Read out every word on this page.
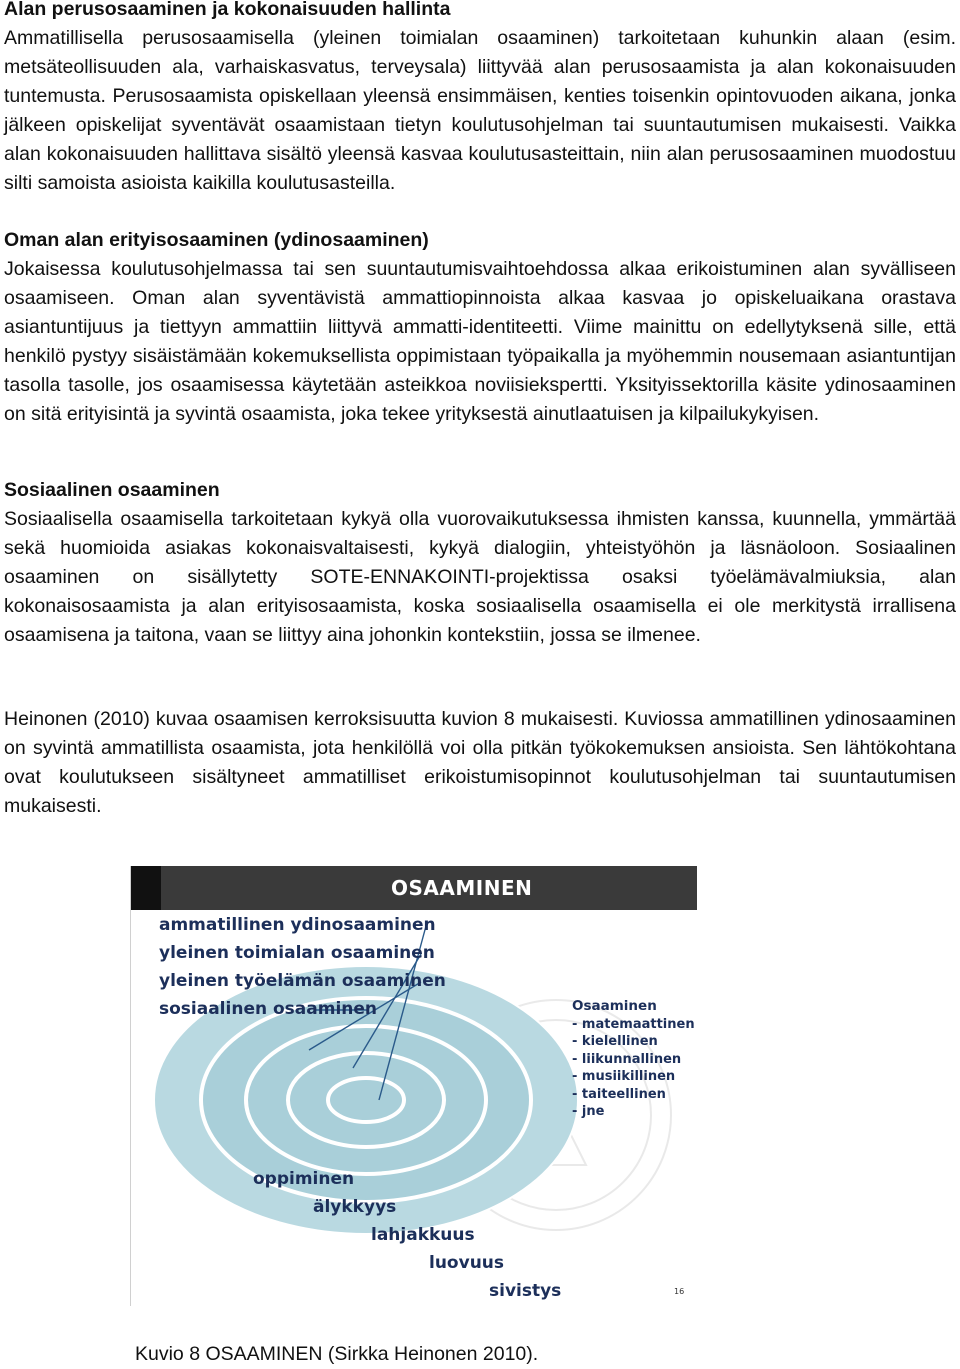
Alan perusosaaminen ja kokonaisuuden hallinta

Ammatillisella perusosaamisella (yleinen toimialan osaaminen) tarkoitetaan kuhunkin alaan (esim. metsäteollisuuden ala, varhaiskasvatus, terveysala) liittyvää alan perusosaamista ja alan kokonaisuuden tuntemusta. Perusosaamista opiskellaan yleensä ensimmäisen, kenties toisenkin opintovuoden aikana, jonka jälkeen opiskelijat syventävät osaamistaan tietyn koulutusohjelman tai suuntautumisen mukaisesti. Vaikka alan kokonaisuuden hallittava sisältö yleensä kasvaa koulutusasteittain, niin alan perusosaaminen muodostuu silti samoista asioista kaikilla koulutusasteilla.

Oman alan erityisosaaminen (ydinosaaminen)

Jokaisessa koulutusohjelmassa tai sen suuntautumisvaihtoehdossa alkaa erikoistuminen alan syvälliseen osaamiseen. Oman alan syventävistä ammattiopinnoista alkaa kasvaa jo opiskeluaikana orastava asiantuntijuus ja tiettyyn ammattiin liittyvä ammatti-identiteetti. Viime mainittu on edellytyksenä sille, että henkilö pystyy sisäistämään kokemuksellista oppimistaan työpaikalla ja myöhemmin nousemaan asiantuntijan tasolla tasolle, jos osaamisessa käytetään asteikkoa noviisiekspertti. Yksityissektorilla käsite ydinosaaminen on sitä erityisintä ja syvintä osaamista, joka tekee yrityksestä ainutlaatuisen ja kilpailukykyisen.

Sosiaalinen osaaminen

Sosiaalisella osaamisella tarkoitetaan kykyä olla vuorovaikutuksessa ihmisten kanssa, kuunnella, ymmärtää sekä huomioida asiakas kokonaisvaltaisesti, kykyä dialogiin, yhteistyöhön ja läsnäoloon. Sosiaalinen osaaminen on sisällytetty SOTE-ENNAKOINTI-projektissa osaksi työelämävalmiuksia, alan kokonaisosaamista ja alan erityisosaamista, koska sosiaalisella osaamisella ei ole merkitystä irrallisena osaamisena ja taitona, vaan se liittyy aina johonkin kontekstiin, jossa se ilmenee.

Heinonen (2010) kuvaa osaamisen kerroksisuutta kuvion 8 mukaisesti. Kuviossa ammatillinen ydinosaaminen on syvintä ammatillista osaamista, jota henkilöllä voi olla pitkän työkokemuksen ansioista. Sen lähtökohtana ovat koulutukseen sisältyneet ammatilliset erikoistumisopinnot koulutusohjelman tai suuntautumisen mukaisesti.

OSAAMINEN
ammatillinen ydinosaaminen
yleinen toimialan osaaminen
yleinen työelämän osaaminen
sosiaalinen osaaminen	Osaaminen
- matemaattinen
- kielellinen
- liikunnallinen
- musiikillinen
- taiteellinen
- jne
oppiminen
älykkyys
lahjakkuus
luovuus
sivistys	16
Kuvio 8 OSAAMINEN (Sirkka Heinonen 2010).
